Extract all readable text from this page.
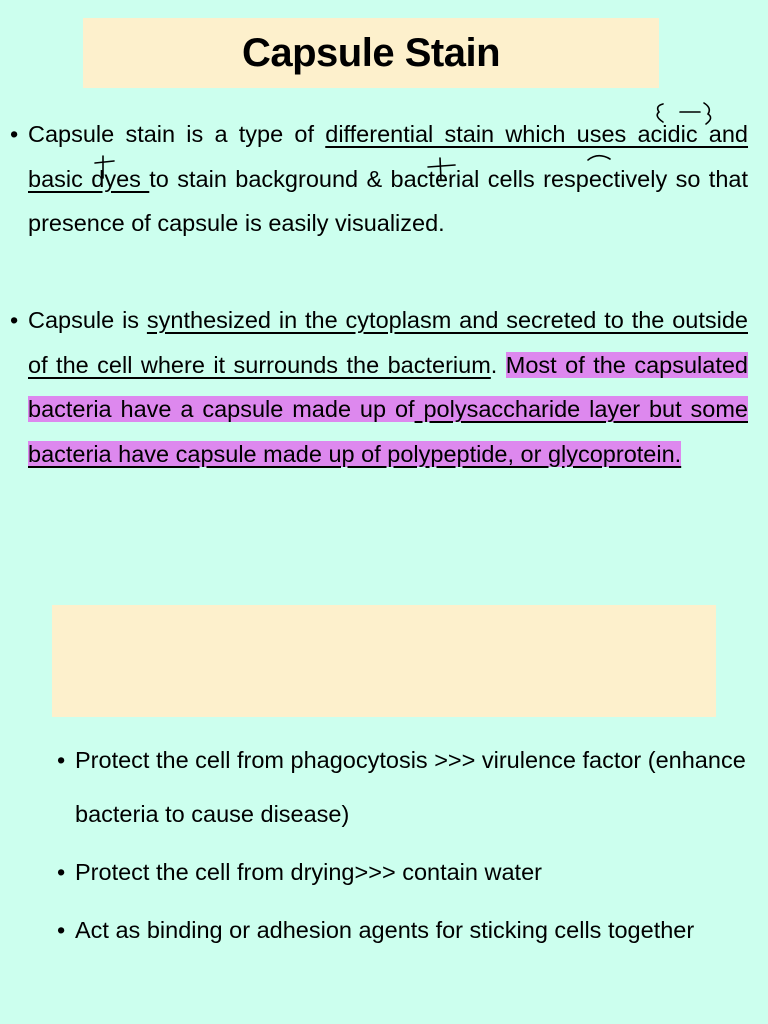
Capsule Stain
• Capsule stain is a type of differential stain which uses acidic and basic dyes to stain background & bacterial cells respectively so that presence of capsule is easily visualized.
• Capsule is synthesized in the cytoplasm and secreted to the outside of the cell where it surrounds the bacterium. Most of the capsulated bacteria have a capsule made up of polysaccharide layer but some bacteria have capsule made up of polypeptide, or glycoprotein.
• Protect the cell from phagocytosis >>> virulence factor (enhance bacteria to cause disease)
• Protect the cell from drying>>> contain water
• Act as binding or adhesion agents for sticking cells together
